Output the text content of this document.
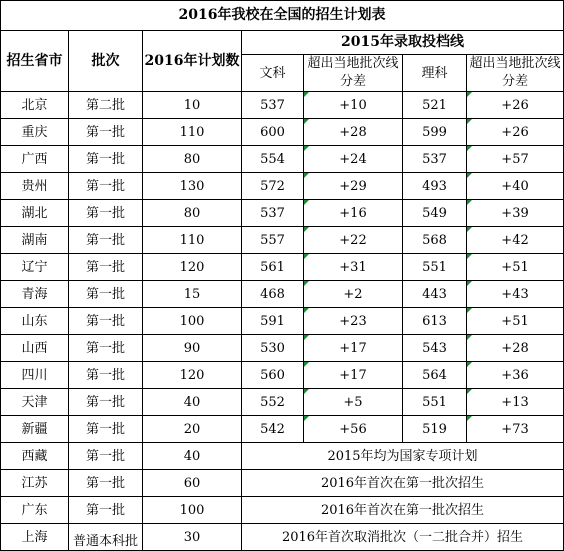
2016年我校在全国的招生计划表						
招生省市	批次	2016年计划数	2015年录取投档线			
			文科	超出当地批次线分差	理科	超出当地批次线分差
北京	第二批	10	537	+10	521	+26
重庆	第一批	110	600	+28	599	+26
广西	第一批	80	554	+24	537	+57
贵州	第一批	130	572	+29	493	+40
湖北	第一批	80	537	+16	549	+39
湖南	第一批	110	557	+22	568	+42
辽宁	第一批	120	561	+31	551	+51
青海	第一批	15	468	+2	443	+43
山东	第一批	100	591	+23	613	+51
山西	第一批	90	530	+17	543	+28
四川	第一批	120	560	+17	564	+36
天津	第一批	40	552	+5	551	+13
新疆	第一批	20	542	+56	519	+73
西藏	第一批	40	2015年均为国家专项计划			
江苏	第一批	60	2016年首次在第一批次招生			
广东	第一批	100	2016年首次在第一批次招生			
上海	普通本科批	30	2016年首次取消批次（一二批合并）招生			
